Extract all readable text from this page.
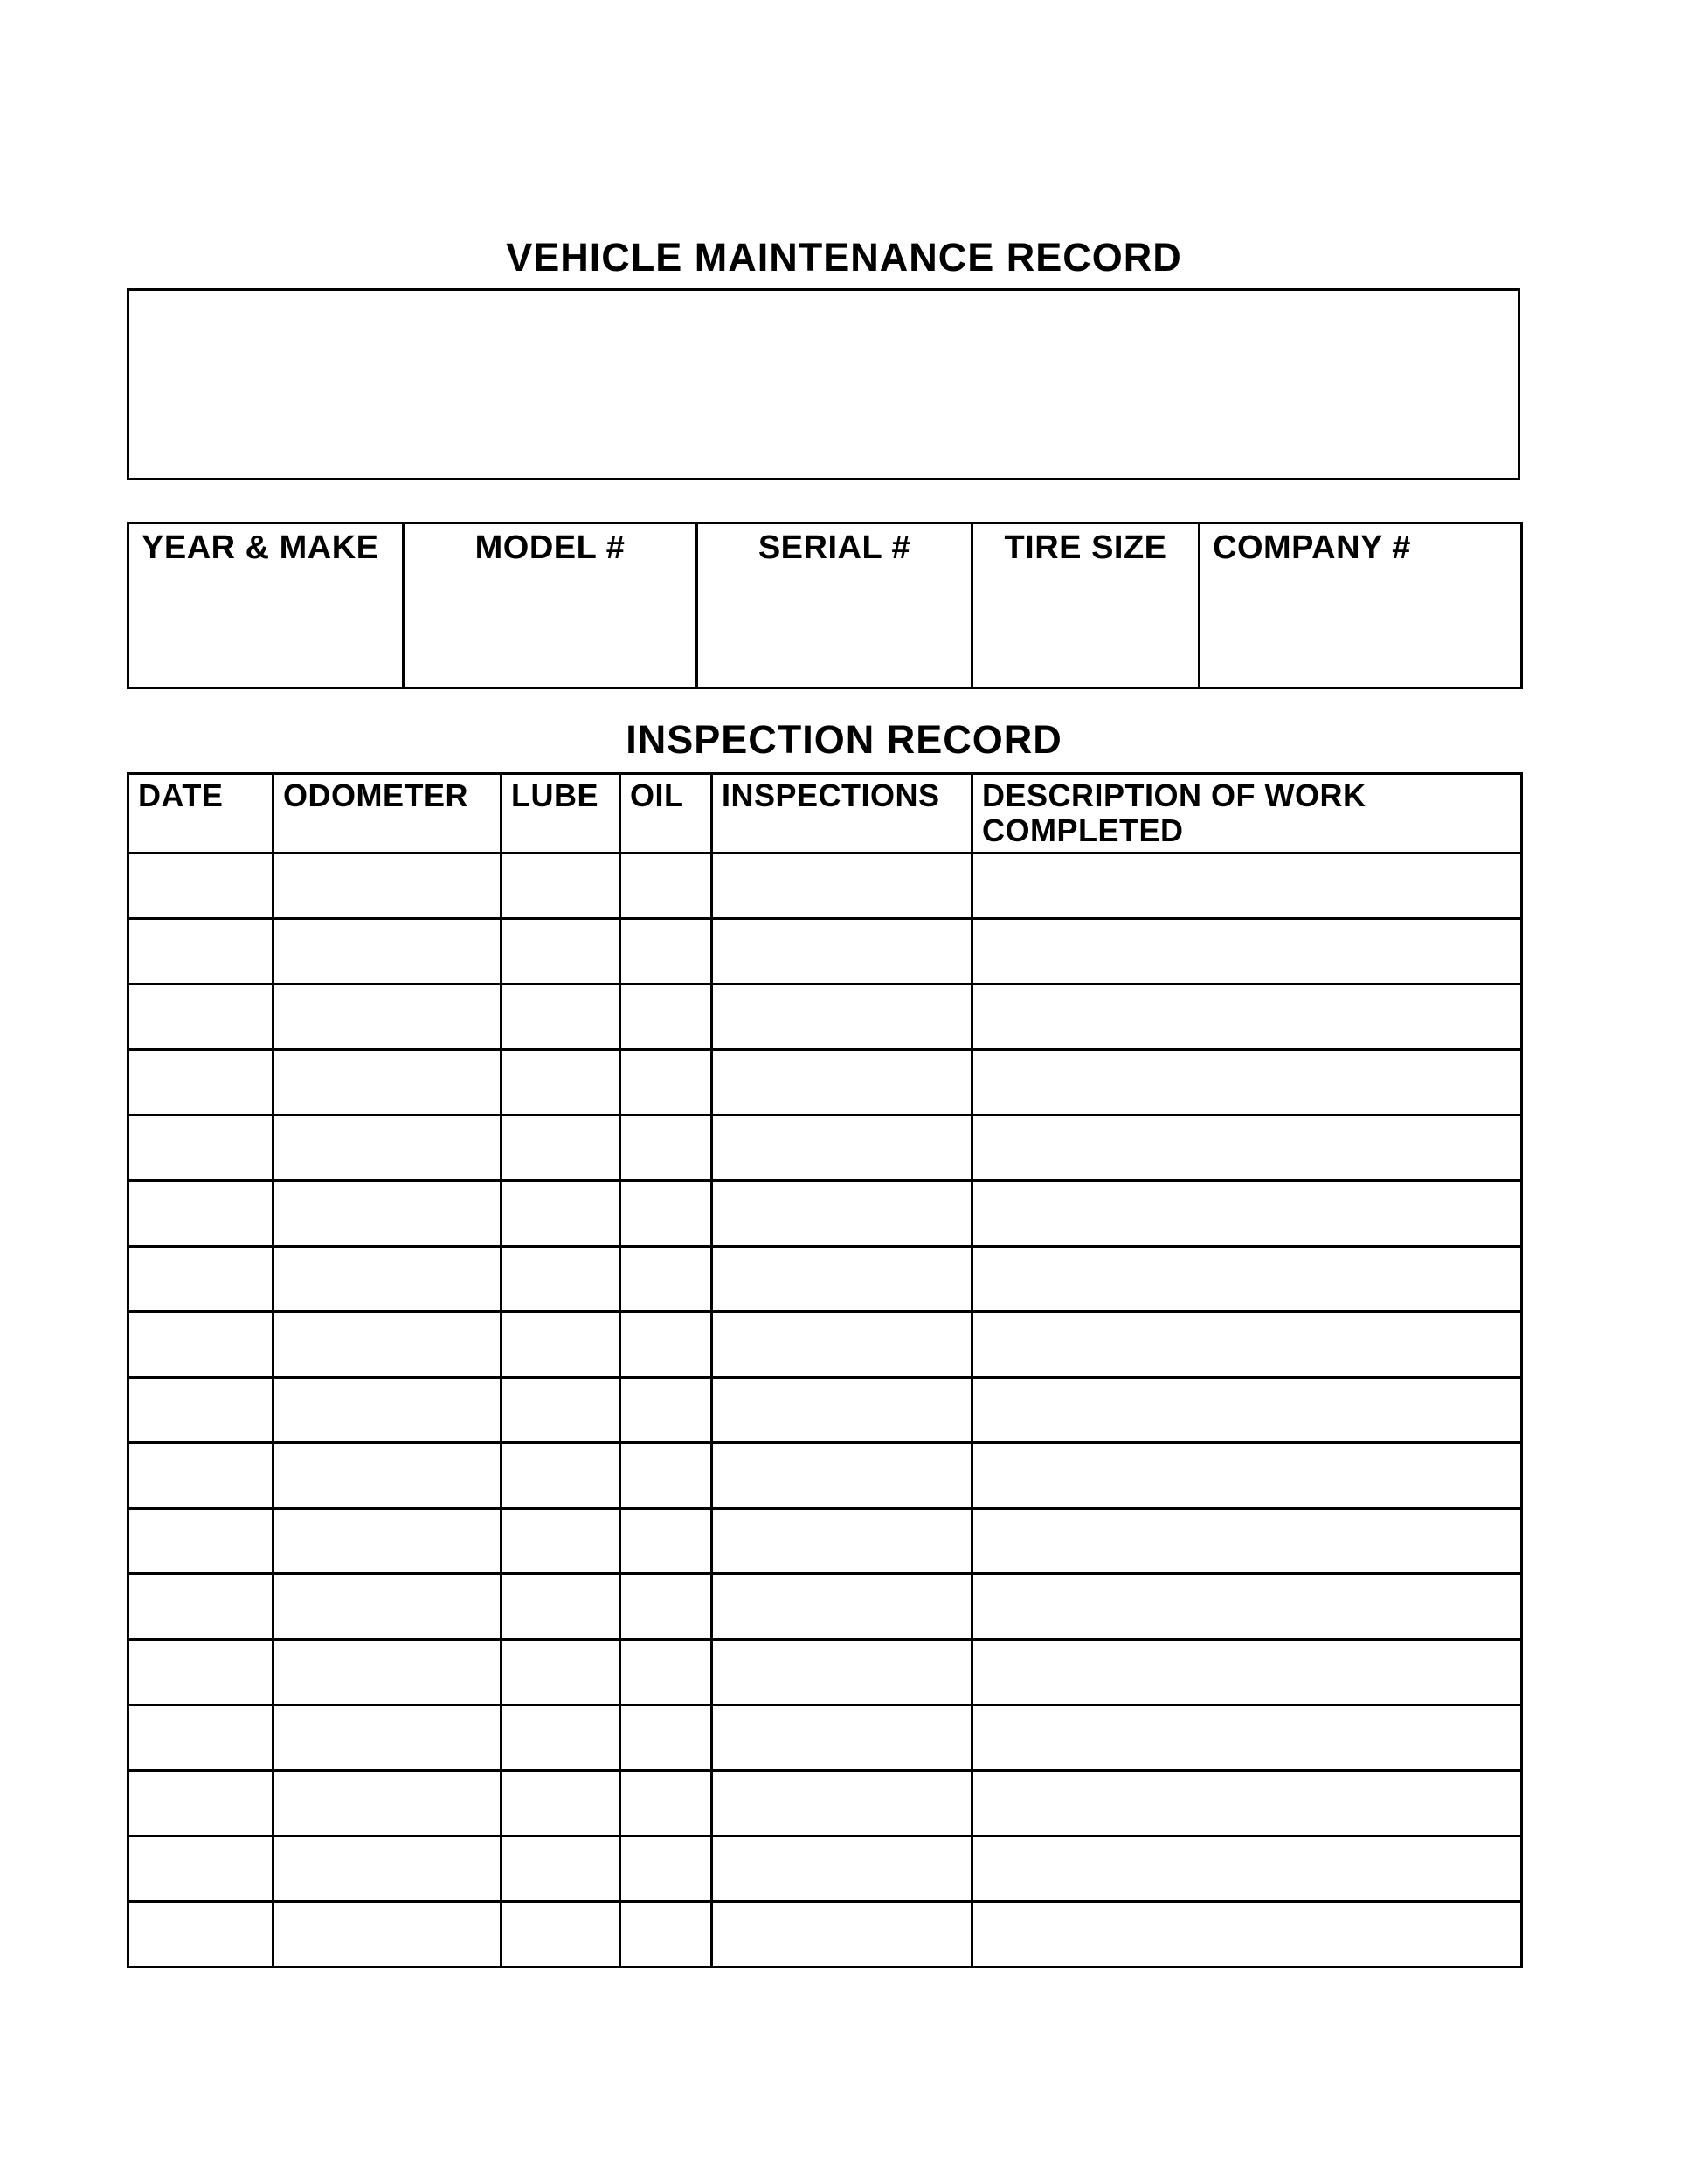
VEHICLE MAINTENANCE RECORD
YEAR & MAKE	MODEL #	SERIAL #	TIRE SIZE	COMPANY #
INSPECTION RECORD
DATE	ODOMETER	LUBE	OIL	INSPECTIONS	DESCRIPTION OF WORK COMPLETED
